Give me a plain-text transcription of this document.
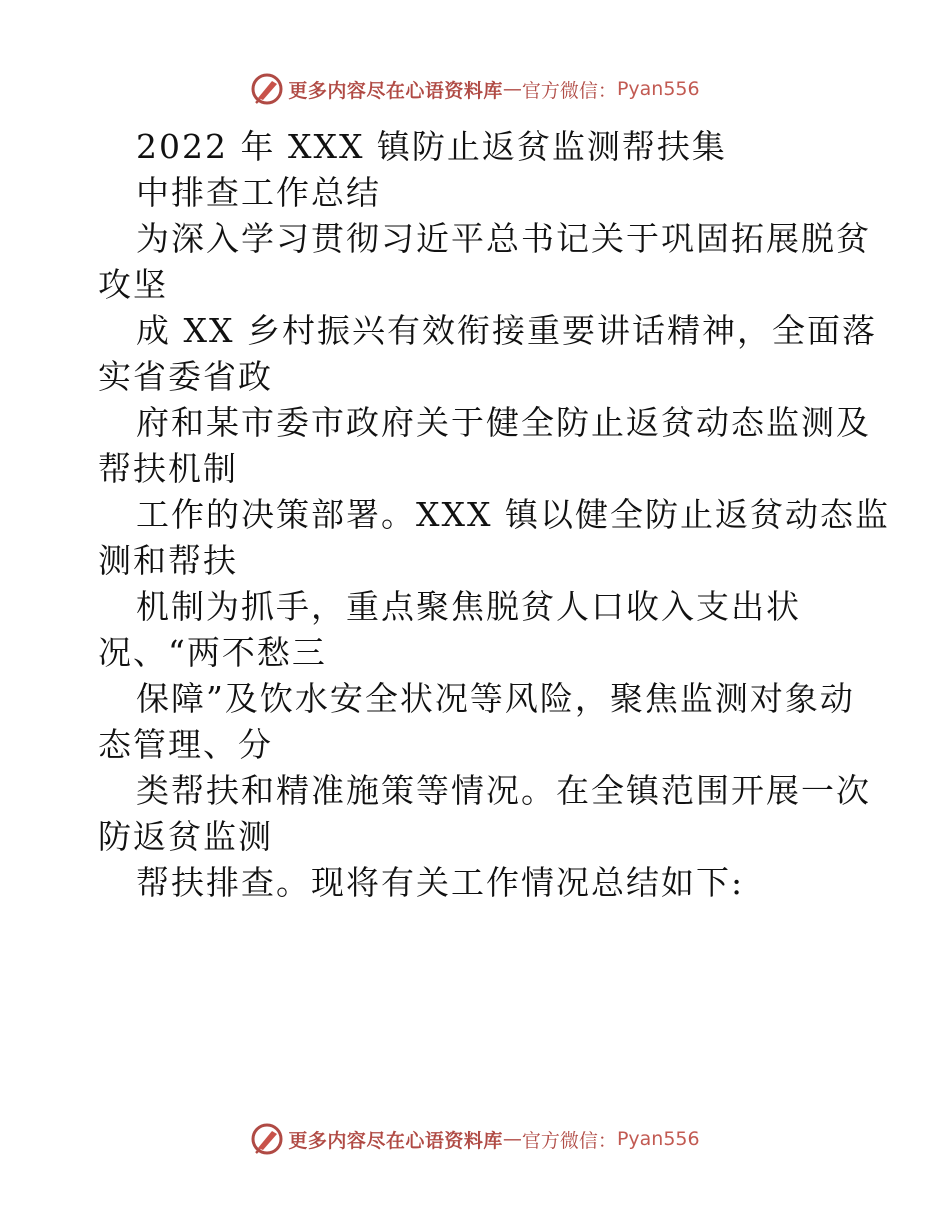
更多内容尽在心语资料库 — 官方微信： Pyan556
2022 年 XXX 镇防止返贫监测帮扶集
中排查工作总结
为深入学习贯彻习近平总书记关于巩固拓展脱贫
攻坚
成 XX 乡村振兴有效衔接重要讲话精神，全面落
实省委省政
府和某市委市政府关于健全防止返贫动态监测及
帮扶机制
工作的决策部署。XXX 镇以健全防止返贫动态监
测和帮扶
机制为抓手，重点聚焦脱贫人口收入支出状
况、“两不愁三
保障”及饮水安全状况等风险，聚焦监测对象动
态管理、分
类帮扶和精准施策等情况。在全镇范围开展一次
防返贫监测
帮扶排查。现将有关工作情况总结如下:
更多内容尽在心语资料库 — 官方微信： Pyan556
